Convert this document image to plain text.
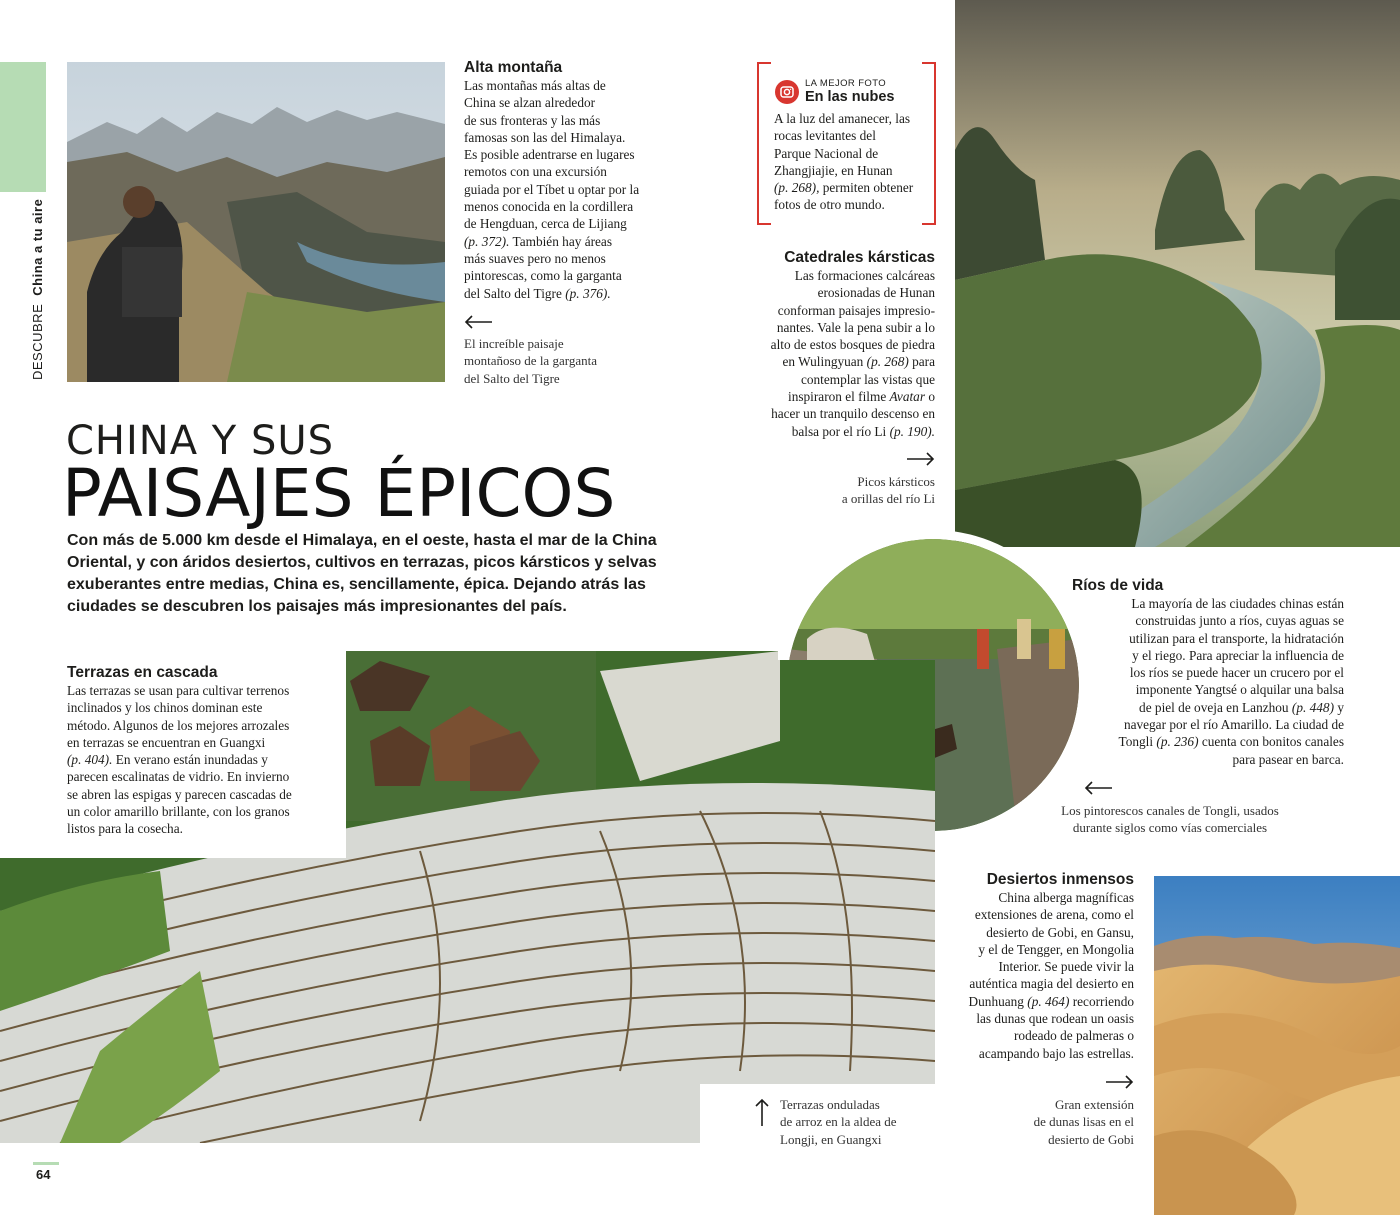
DESCUBREChina a tu aire
Alta montaña
Las montañas más altas de
China se alzan alrededor
de sus fronteras y las más
famosas son las del Himalaya.
Es posible adentrarse en lugares
remotos con una excursión
guiada por el Tíbet u optar por la
menos conocida en la cordillera
de Hengduan, cerca de Lijiang
(p. 372). También hay áreas
más suaves pero no menos
pintorescas, como la garganta
del Salto del Tigre (p. 376).
El increíble paisaje
montañoso de la garganta
del Salto del Tigre
LA MEJOR FOTO
En las nubes
A la luz del amanecer, las
rocas levitantes del
Parque Nacional de
Zhangjiajie, en Hunan
(p. 268), permiten obtener
fotos de otro mundo.
Catedrales kársticas
Las formaciones calcáreas
erosionadas de Hunan
conforman paisajes impresio-
nantes. Vale la pena subir a lo
alto de estos bosques de piedra
en Wulingyuan (p. 268) para
contemplar las vistas que
inspiraron el filme Avatar o
hacer un tranquilo descenso en
balsa por el río Li (p. 190).
Picos kársticos
a orillas del río Li
CHINA Y SUS
PAISAJES ÉPICOS
Con más de 5.000 km desde el Himalaya, en el oeste, hasta el mar de la China Oriental, y con áridos desiertos, cultivos en terrazas, picos kársticos y selvas exuberantes entre medias, China es, sencillamente, épica. Dejando atrás las ciudades se descubren los paisajes más impresionantes del país.
Ríos de vida
La mayoría de las ciudades chinas están
construidas junto a ríos, cuyas aguas se
utilizan para el transporte, la hidratación
y el riego. Para apreciar la influencia de
los ríos se puede hacer un crucero por el
imponente Yangtsé o alquilar una balsa
de piel de oveja en Lanzhou (p. 448) y
navegar por el río Amarillo. La ciudad de
Tongli (p. 236) cuenta con bonitos canales
para pasear en barca.
Los pintorescos canales de Tongli, usados
durante siglos como vías comerciales
Terrazas en cascada
Las terrazas se usan para cultivar terrenos
inclinados y los chinos dominan este
método. Algunos de los mejores arrozales
en terrazas se encuentran en Guangxi
(p. 404). En verano están inundadas y
parecen escalinatas de vidrio. En invierno
se abren las espigas y parecen cascadas de
un color amarillo brillante, con los granos
listos para la cosecha.
Terrazas onduladas
de arroz en la aldea de
Longji, en Guangxi
Desiertos inmensos
China alberga magníficas
extensiones de arena, como el
desierto de Gobi, en Gansu,
y el de Tengger, en Mongolia
Interior. Se puede vivir la
auténtica magia del desierto en
Dunhuang (p. 464) recorriendo
las dunas que rodean un oasis
rodeado de palmeras o
acampando bajo las estrellas.
Gran extensión
de dunas lisas en el
desierto de Gobi
64
